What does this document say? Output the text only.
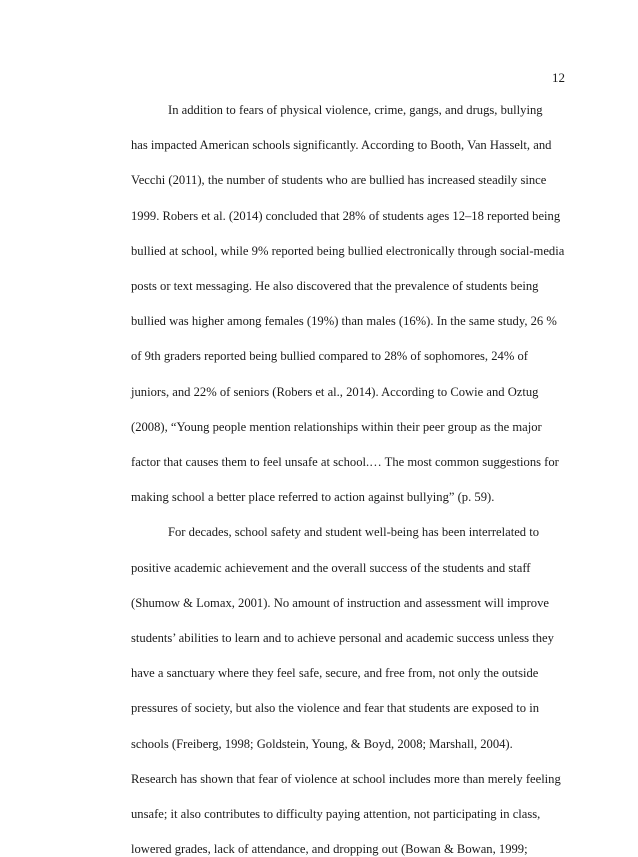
12
In addition to fears of physical violence, crime, gangs, and drugs, bullying
has impacted American schools significantly. According to Booth, Van Hasselt, and
Vecchi (2011), the number of students who are bullied has increased steadily since
1999. Robers et al. (2014) concluded that 28% of students ages 12–18 reported being
bullied at school, while 9% reported being bullied electronically through social-media
posts or text messaging. He also discovered that the prevalence of students being
bullied was higher among females (19%) than males (16%). In the same study, 26 %
of 9th graders reported being bullied compared to 28% of sophomores, 24% of
juniors, and 22% of seniors (Robers et al., 2014). According to Cowie and Oztug
(2008), “Young people mention relationships within their peer group as the major
factor that causes them to feel unsafe at school.… The most common suggestions for
making school a better place referred to action against bullying” (p. 59).
For decades, school safety and student well-being has been interrelated to
positive academic achievement and the overall success of the students and staff
(Shumow & Lomax, 2001). No amount of instruction and assessment will improve
students’ abilities to learn and to achieve personal and academic success unless they
have a sanctuary where they feel safe, secure, and free from, not only the outside
pressures of society, but also the violence and fear that students are exposed to in
schools (Freiberg, 1998; Goldstein, Young, & Boyd, 2008; Marshall, 2004).
Research has shown that fear of violence at school includes more than merely feeling
unsafe; it also contributes to difficulty paying attention, not participating in class,
lowered grades, lack of attendance, and dropping out (Bowan & Bowan, 1999;
